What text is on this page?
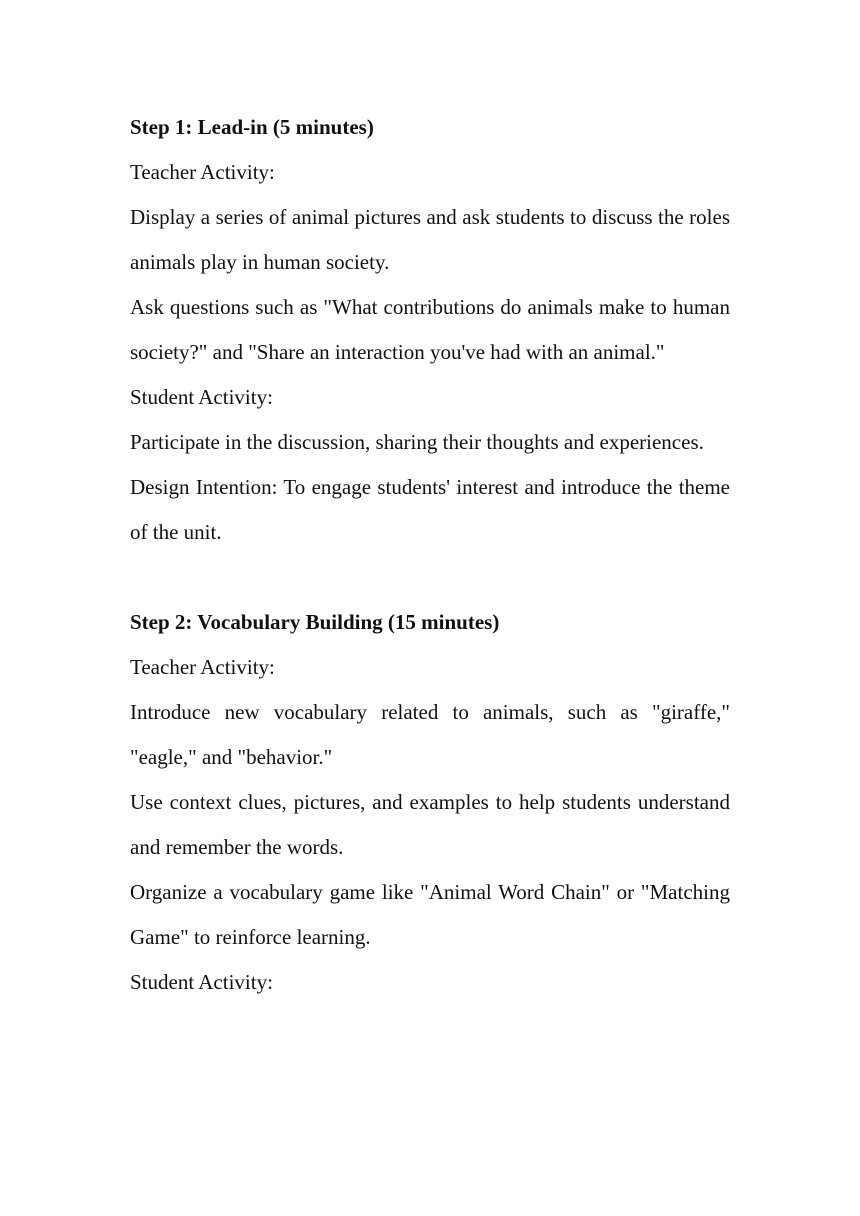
Step 1: Lead-in (5 minutes)

Teacher Activity:

Display a series of animal pictures and ask students to discuss the roles animals play in human society.

Ask questions such as "What contributions do animals make to human society?" and "Share an interaction you've had with an animal."

Student Activity:

Participate in the discussion, sharing their thoughts and experiences.

Design Intention: To engage students' interest and introduce the theme of the unit.

Step 2: Vocabulary Building (15 minutes)

Teacher Activity:

Introduce new vocabulary related to animals, such as "giraffe," "eagle," and "behavior."

Use context clues, pictures, and examples to help students understand and remember the words.

Organize a vocabulary game like "Animal Word Chain" or "Matching Game" to reinforce learning.

Student Activity:
